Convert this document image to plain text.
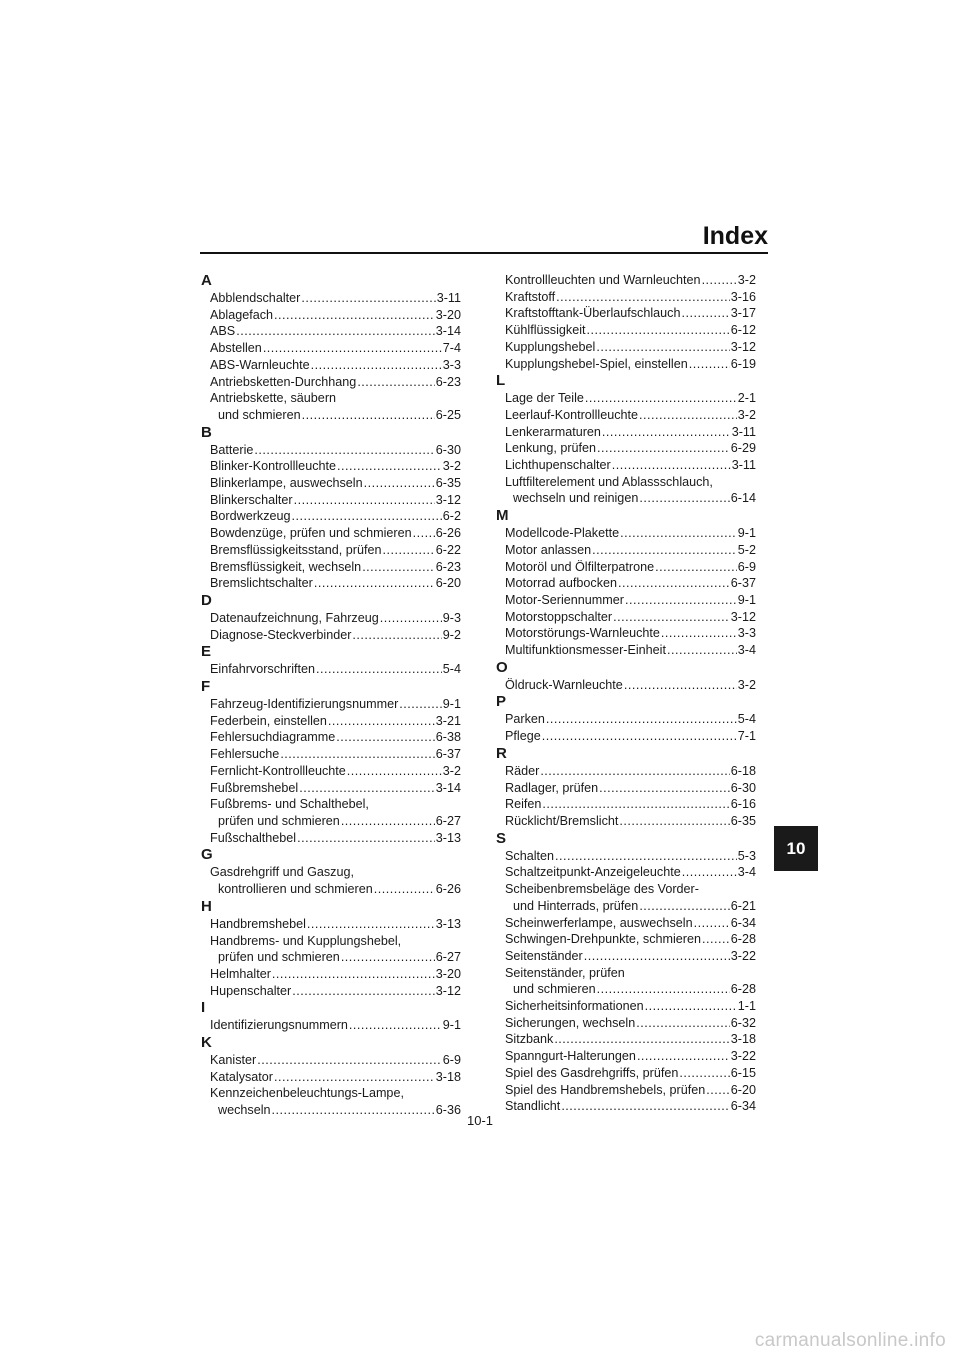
Index
A
Abblendschalter .....	3-11
Ablagefach .....	3-20
ABS .....	3-14
Abstellen .....	7-4
ABS-Warnleuchte .....	3-3
Antriebsketten-Durchhang .....	6-23
Antriebskette, säubern
und schmieren .....	6-25
B
Batterie .....	6-30
Blinker-Kontrollleuchte .....	3-2
Blinkerlampe, auswechseln .....	6-35
Blinkerschalter .....	3-12
Bordwerkzeug .....	6-2
Bowdenzüge, prüfen und schmieren ..... 6-26
Bremsflüssigkeitsstand, prüfen .....	6-22
Bremsflüssigkeit, wechseln .....	6-23
Bremslichtschalter .....	6-20
D
Datenaufzeichnung, Fahrzeug .....	9-3
Diagnose-Steckverbinder .....	9-2
E
Einfahrvorschriften .....	5-4
F
Fahrzeug-Identifizierungsnummer .....	9-1
Federbein, einstellen .....	3-21
Fehlersuchdiagramme .....	6-38
Fehlersuche .....	6-37
Fernlicht-Kontrollleuchte .....	3-2
Fußbremshebel .....	3-14
Fußbrems- und Schalthebel,
prüfen und schmieren .....	6-27
Fußschalthebel .....	3-13
G
Gasdrehgriff und Gaszug,
kontrollieren und schmieren .....	6-26
H
Handbremshebel .....	3-13
Handbrems- und Kupplungshebel,
prüfen und schmieren .....	6-27
Helmhalter .....	3-20
Hupenschalter .....	3-12
I
Identifizierungsnummern .....	9-1
K
Kanister .....	6-9
Katalysator .....	3-18
Kennzeichenbeleuchtungs-Lampe,
wechseln .....	6-36
Kontrollleuchten und Warnleuchten .....	3-2
Kraftstoff .....	3-16
Kraftstofftank-Überlaufschlauch .....	3-17
Kühlflüssigkeit .....	6-12
Kupplungshebel .....	3-12
Kupplungshebel-Spiel, einstellen .....	6-19
L
Lage der Teile .....	2-1
Leerlauf-Kontrollleuchte .....	3-2
Lenkerarmaturen .....	3-11
Lenkung, prüfen .....	6-29
Lichthupenschalter .....	3-11
Luftfilterelement und Ablassschlauch,
wechseln und reinigen .....	6-14
M
Modellcode-Plakette .....	9-1
Motor anlassen .....	5-2
Motoröl und Ölfilterpatrone .....	6-9
Motorrad aufbocken .....	6-37
Motor-Seriennummer .....	9-1
Motorstoppschalter .....	3-12
Motorstörungs-Warnleuchte .....	3-3
Multifunktionsmesser-Einheit .....	3-4
O
Öldruck-Warnleuchte .....	3-2
P
Parken .....	5-4
Pflege .....	7-1
R
Räder .....	6-18
Radlager, prüfen .....	6-30
Reifen .....	6-16
Rücklicht/Bremslicht .....	6-35
S
Schalten .....	5-3
Schaltzeitpunkt-Anzeigeleuchte .....	3-4
Scheibenbremsbeläge des Vorder-
und Hinterrads, prüfen .....	6-21
Scheinwerferlampe, auswechseln .....	6-34
Schwingen-Drehpunkte, schmieren ..... 6-28
Seitenständer .....	3-22
Seitenständer, prüfen
und schmieren .....	6-28
Sicherheitsinformationen .....	1-1
Sicherungen, wechseln .....	6-32
Sitzbank .....	3-18
Spanngurt-Halterungen .....	3-22
Spiel des Gasdrehgriffs, prüfen .....	6-15
Spiel des Handbremshebels, prüfen ..... 6-20
Standlicht .....	6-34
10
10-1
carmanualsonline.info
